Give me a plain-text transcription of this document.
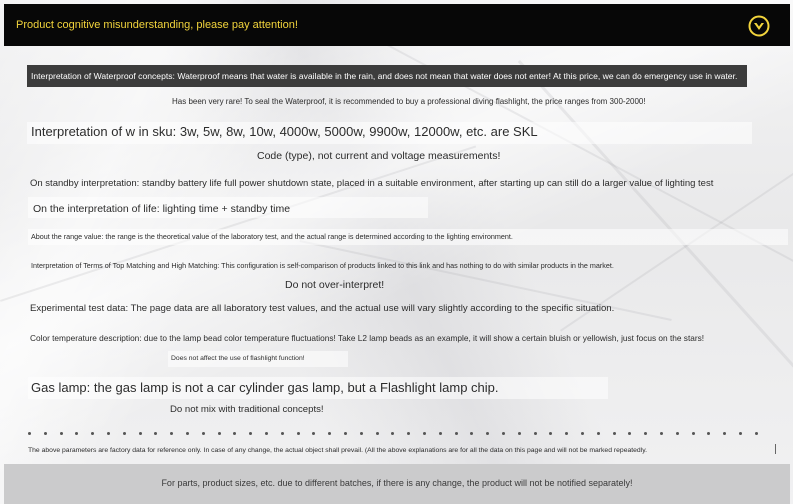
Product cognitive misunderstanding, please pay attention!
Interpretation of Waterproof concepts: Waterproof means that water is available in the rain, and does not mean that water does not enter! At this price, we can do emergency use in water.
Has been very rare! To seal the Waterproof, it is recommended to buy a professional diving flashlight, the price ranges from 300-2000!
Interpretation of w in sku: 3w, 5w, 8w, 10w, 4000w, 5000w, 9900w, 12000w, etc. are SKL
Code (type), not current and voltage measurements!
On standby interpretation: standby battery life full power shutdown state, placed in a suitable environment, after starting up can still do a larger value of lighting test
On the interpretation of life: lighting time + standby time
About the range value: the range is the theoretical value of the laboratory test, and the actual range is determined according to the lighting environment.
Interpretation of Terms of Top Matching and High Matching: This configuration is self-comparison of products linked to this link and has nothing to do with similar products in the market.
Do not over-interpret!
Experimental test data: The page data are all laboratory test values, and the actual use will vary slightly according to the specific situation.
Color temperature description: due to the lamp bead color temperature fluctuations! Take L2 lamp beads as an example, it will show a certain bluish or yellowish, just focus on the stars!
Does not affect the use of flashlight function!
Gas lamp: the gas lamp is not a car cylinder gas lamp, but a Flashlight lamp chip.
Do not mix with traditional concepts!
The above parameters are factory data for reference only. In case of any change, the actual object shall prevail. (All the above explanations are for all the data on this page and will not be marked repeatedly.
For parts, product sizes, etc. due to different batches, if there is any change, the product will not be notified separately!
